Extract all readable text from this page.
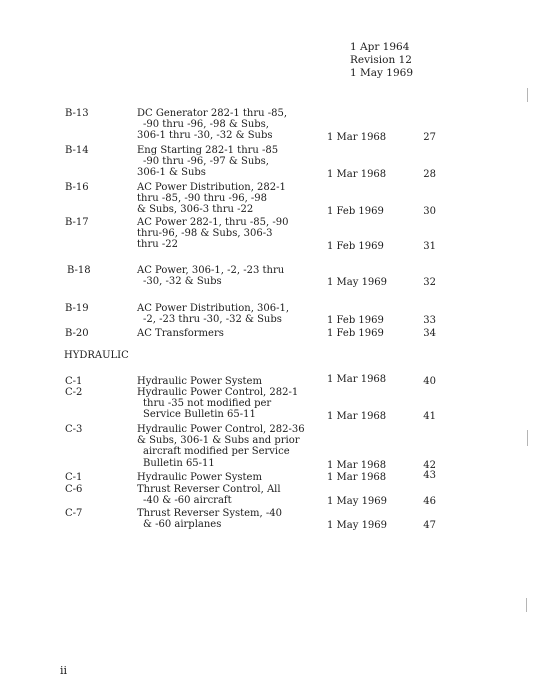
1 Apr 1964
Revision 12
1 May 1969
B-13	DC Generator 282-1 thru -85,
-90 thru -96, -98 & Subs,
306-1 thru -30, -32 & Subs	1 Mar 1968	27
B-14	Eng Starting 282-1 thru -85
-90 thru -96, -97 & Subs,
306-1 & Subs	1 Mar 1968	28
B-16	AC Power Distribution, 282-1
thru -85, -90 thru -96, -98
& Subs, 306-3 thru -22	1 Feb 1969	30
B-17	AC Power 282-1, thru -85, -90
thru-96, -98 & Subs, 306-3
thru -22	1 Feb 1969	31
B-18	AC Power, 306-1, -2, -23 thru
-30, -32 & Subs	1 May 1969	32
B-19	AC Power Distribution, 306-1,
-2, -23 thru -30, -32 & Subs	1 Feb 1969	33
B-20	AC Transformers	1 Feb 1969	34
HYDRAULIC
C-1	Hydraulic Power System	1 Mar 1968	40
C-2	Hydraulic Power Control, 282-1
thru -35 not modified per
Service Bulletin 65-11	1 Mar 1968	41
C-3	Hydraulic Power Control, 282-36
& Subs, 306-1 & Subs and prior
aircraft modified per Service
Bulletin 65-11	1 Mar 1968	42
C-1	Hydraulic Power System	1 Mar 1968	43
C-6	Thrust Reverser Control, All
-40 & -60 aircraft	1 May 1969	46
C-7	Thrust Reverser System, -40
& -60 airplanes	1 May 1969	47
ii
